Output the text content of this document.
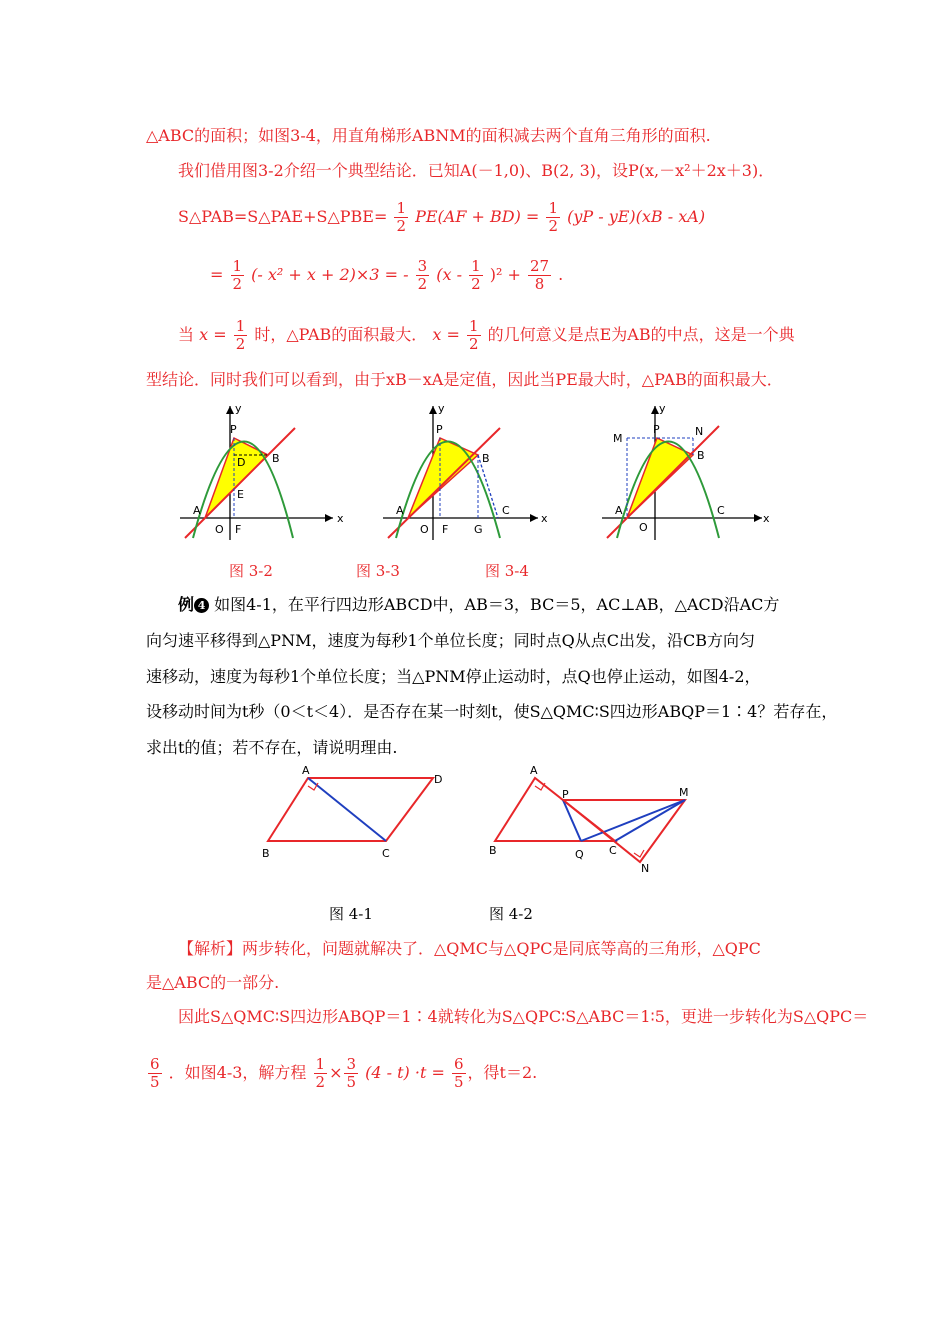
△ABC的面积；如图3-4，用直角梯形ABNM的面积减去两个直角三角形的面积.
我们借用图3-2介绍一个典型结论．已知A(－1,0)、B(2, 3)，设P(x,－x²＋2x＋3)．
S△PAB=S△PAE+S△PBE= $\frac{1}{2} PE(AF + BD) = \frac{1}{2} (yP - yE)(xB - xA)$
= $\frac{1}{2}$ (- x² + x + 2)×3 = - $\frac{3}{2} (x - \frac{1}{2} )^2 + \frac{27}{8}$ .
当 $x = \frac{1}{2}$ 时，△PAB的面积最大． $x = \frac{1}{2}$ 的几何意义是点E为AB的中点，这是一个典
型结论．同时我们可以看到，由于xB－xA是定值，因此当PE最大时，△PAB的面积最大．
y
P
D B
E
A
O F
x
y
P
B
A
O F G
C
x
y
M
P	N
B
A
O
C
x
图 3-2	图 3-3	图 3-4
例 4 如图4-1，在平行四边形ABCD中，AB＝3，BC＝5，AC⊥AB，△ACD沿AC方
向匀速平移得到△PNM，速度为每秒1个单位长度；同时点Q从点C出发，沿CB方向匀
速移动，速度为每秒1个单位长度；当△PNM停止运动时，点Q也停止运动，如图4-2，
设移动时间为t秒（0＜t＜4）．是否存在某一时刻t，使S△QMC∶S四边形ABQP＝1∶4？若存在，
求出t的值；若不存在，请说明理由.
A
D
B	C
A
P	M
B	Q C
N
图 4-1	图 4-2
【解析】两步转化，问题就解决了．△QMC与△QPC是同底等高的三角形，△QPC
是△ABC的一部分.
因此S△QMC∶S四边形ABQP＝1∶4就转化为S△QPC∶S△ABC＝1∶5，更进一步转化为S△QPC＝
$\frac{6}{5}$ ．如图4-3，解方程 $\frac{1}{2} \times \frac{3}{5} (4 - t) \cdot t = \frac{6}{5}$ ，得t＝2.
